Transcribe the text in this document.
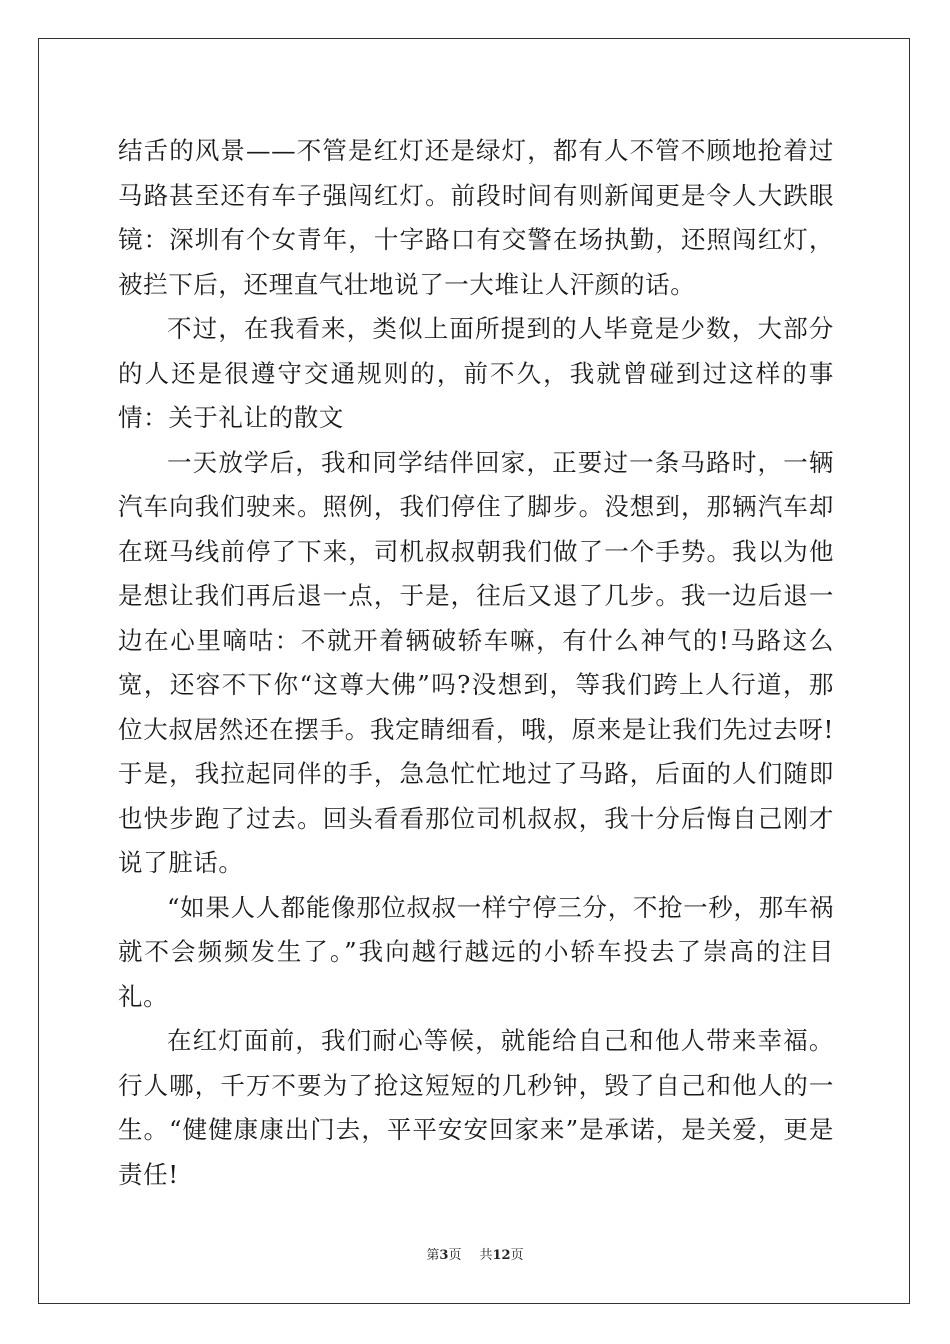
结舌的风景——不管是红灯还是绿灯，都有人不管不顾地抢着过马路甚至还有车子强闯红灯。前段时间有则新闻更是令人大跌眼镜：深圳有个女青年，十字路口有交警在场执勤，还照闯红灯，被拦下后，还理直气壮地说了一大堆让人汗颜的话。

不过，在我看来，类似上面所提到的人毕竟是少数，大部分的人还是很遵守交通规则的，前不久，我就曾碰到过这样的事情：关于礼让的散文

一天放学后，我和同学结伴回家，正要过一条马路时，一辆汽车向我们驶来。照例，我们停住了脚步。没想到，那辆汽车却在斑马线前停了下来，司机叔叔朝我们做了一个手势。我以为他是想让我们再后退一点，于是，往后又退了几步。我一边后退一边在心里嘀咕：不就开着辆破轿车嘛，有什么神气的!马路这么宽，还容不下你“这尊大佛”吗?没想到，等我们跨上人行道，那位大叔居然还在摆手。我定睛细看，哦，原来是让我们先过去呀!于是，我拉起同伴的手，急急忙忙地过了马路，后面的人们随即也快步跑了过去。回头看看那位司机叔叔，我十分后悔自己刚才说了脏话。

“如果人人都能像那位叔叔一样宁停三分，不抢一秒，那车祸就不会频频发生了。”我向越行越远的小轿车投去了崇高的注目礼。

在红灯面前，我们耐心等候，就能给自己和他人带来幸福。行人哪，千万不要为了抢这短短的几秒钟，毁了自己和他人的一生。“健健康康出门去，平平安安回家来”是承诺，是关爱，更是责任!

第3页 共12页
